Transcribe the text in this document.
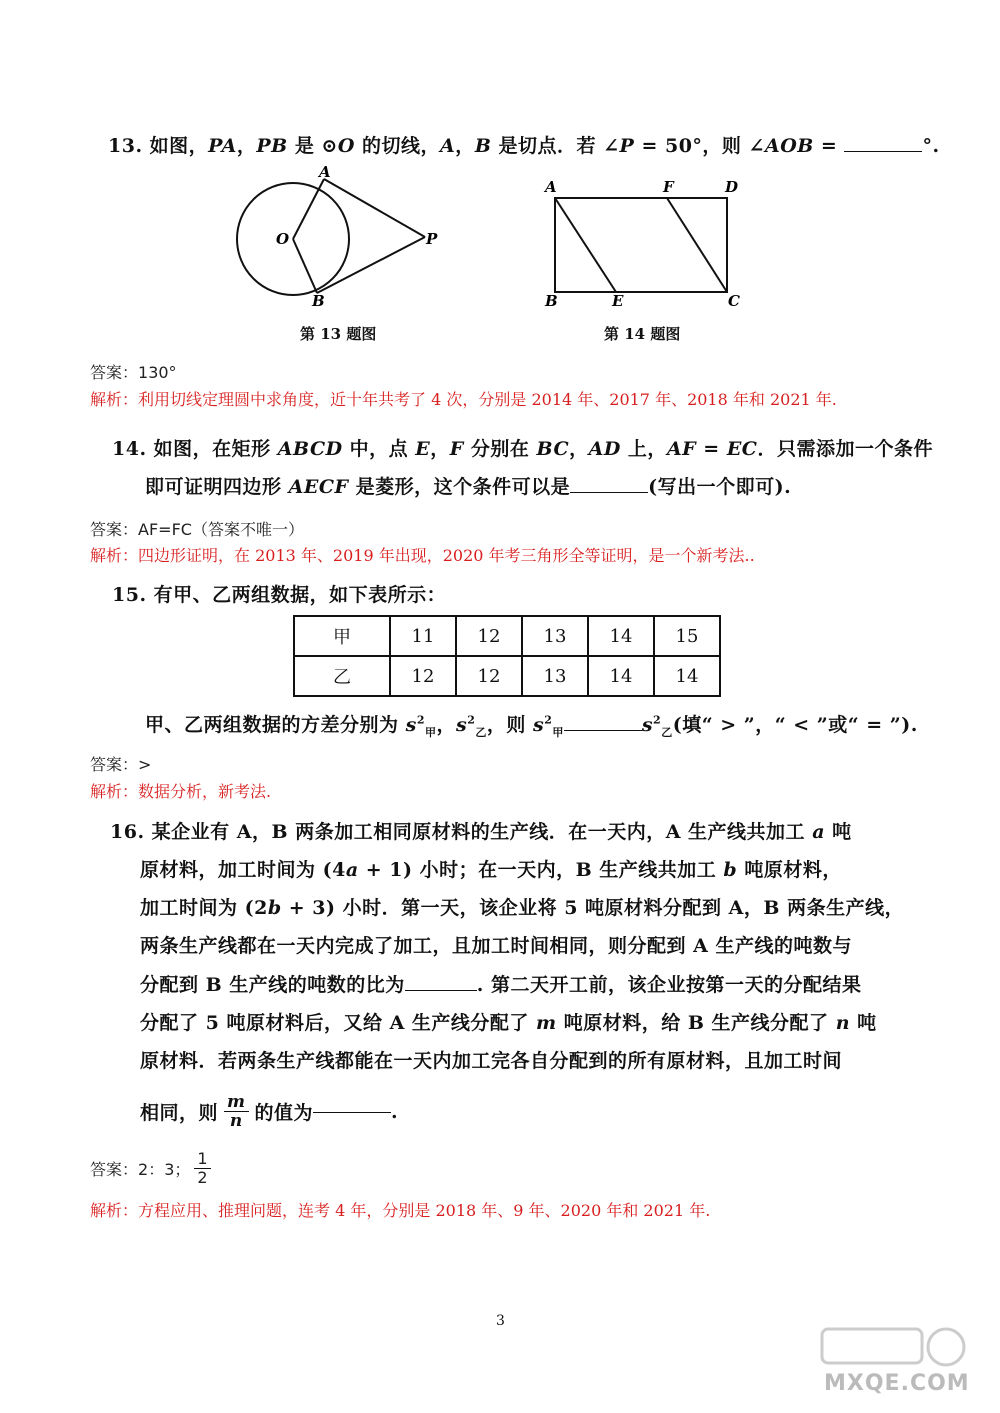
13. 如图，PA，PB 是 ⊙O 的切线，A，B 是切点．若 ∠P = 50°，则 ∠AOB =	°.
A
B
O	P
第 13 题图
A	F	D
B	E	C
第 14 题图
答案：130°
解析：利用切线定理圆中求角度，近十年共考了 4 次，分别是 2014 年、2017 年、2018 年和 2021 年.
14. 如图，在矩形 ABCD 中，点 E，F 分别在 BC，AD 上，AF = EC．只需添加一个条件
即可证明四边形 AECF 是菱形，这个条件可以是	(写出一个即可).
答案：AF=FC（答案不唯一）
解析：四边形证明，在 2013 年、2019 年出现，2020 年考三角形全等证明，是一个新考法..
15. 有甲、乙两组数据，如下表所示：
甲	11	12	13	14	15
乙	12	12	13	14	14
甲、乙两组数据的方差分别为 $s^2_甲$，$s^2_乙$，则 $s^2_甲$	$s^2_乙$(填“ > ”，“ < ”或“ = ”).
答案：>
解析：数据分析，新考法.
16. 某企业有 A，B 两条加工相同原材料的生产线．在一天内，A 生产线共加工 a 吨
原材料，加工时间为 (4a + 1) 小时；在一天内，B 生产线共加工 b 吨原材料，
加工时间为 (2b + 3) 小时．第一天，该企业将 5 吨原材料分配到 A，B 两条生产线，
两条生产线都在一天内完成了加工，且加工时间相同，则分配到 A 生产线的吨数与
分配到 B 生产线的吨数的比为	. 第二天开工前，该企业按第一天的分配结果
分配了 5 吨原材料后，又给 A 生产线分配了 m 吨原材料，给 B 生产线分配了 n 吨
原材料．若两条生产线都能在一天内加工完各自分配到的所有原材料，且加工时间
相同，则 $\frac{m}{n}$ 的值为	.
答案： 2：3； $\frac{1}{2}$
解析：方程应用、推理问题，连考 4 年，分别是 2018 年、9 年、2020 年和 2021 年.
3
MXQE.COM
